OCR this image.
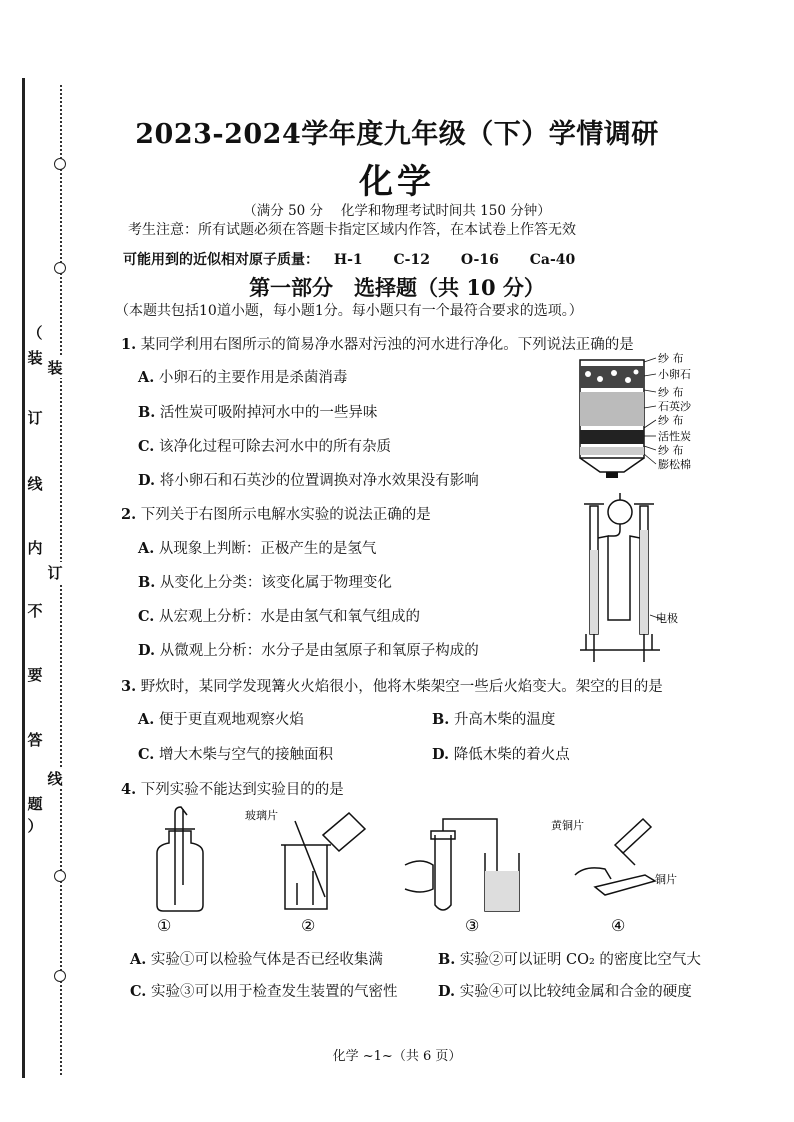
（
装
订
线
内
不
要
答
题
）
装
订
线
2023-2024学年度九年级（下）学情调研
化学
（满分 50 分　 化学和物理考试时间共 150 分钟）
考生注意：所有试题必须在答题卡指定区域内作答，在本试卷上作答无效
可能用到的近似相对原子质量： H-1 C-12 O-16 Ca-40
第一部分　选择题（共 10 分）
（本题共包括10道小题，每小题1分。每小题只有一个最符合要求的选项。）
1. 某同学利用右图所示的简易净水器对污浊的河水进行净化。下列说法正确的是
A. 小卵石的主要作用是杀菌消毒
B. 活性炭可吸附掉河水中的一些异味
C. 该净化过程可除去河水中的所有杂质
D. 将小卵石和石英沙的位置调换对净水效果没有影响
纱 布
小卵石
纱 布
石英沙
纱 布
活性炭
纱 布
膨松棉
2. 下列关于右图所示电解水实验的说法正确的是
A. 从现象上判断：正极产生的是氢气
B. 从变化上分类：该变化属于物理变化
C. 从宏观上分析：水是由氢气和氧气组成的
D. 从微观上分析：水分子是由氢原子和氧原子构成的
电极
3. 野炊时，某同学发现篝火火焰很小，他将木柴架空一些后火焰变大。架空的目的是
A. 便于更直观地观察火焰	B. 升高木柴的温度
C. 增大木柴与空气的接触面积	D. 降低木柴的着火点
4. 下列实验不能达到实验目的的是
玻璃片
黄铜片
铜片
①	②	③	④
A. 实验①可以检验气体是否已经收集满	B. 实验②可以证明 CO₂ 的密度比空气大
C. 实验③可以用于检查发生装置的气密性	D. 实验④可以比较纯金属和合金的硬度
化学 ~1~（共 6 页）
